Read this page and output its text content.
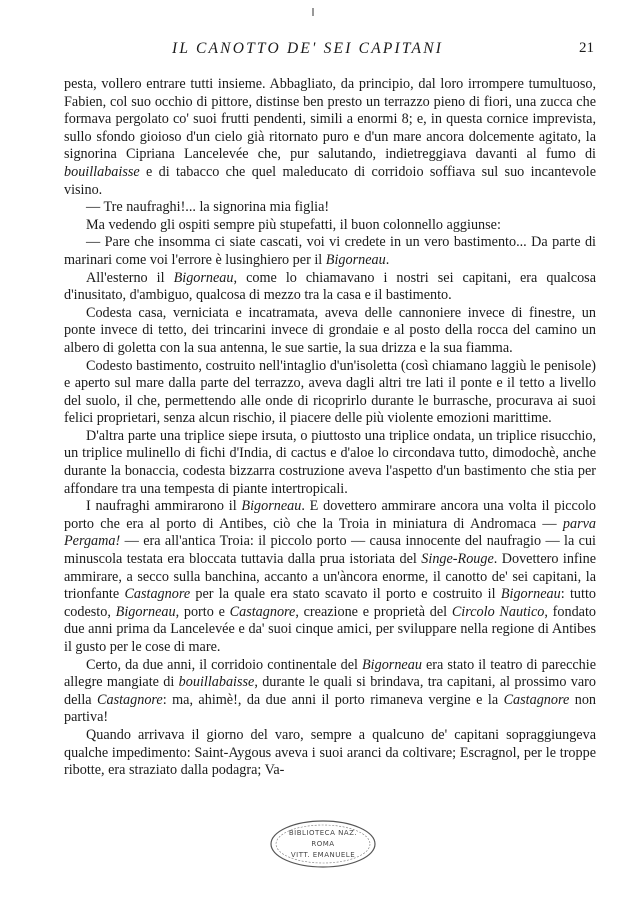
IL CANOTTO DE' SEI CAPITANI	21

pesta, vollero entrare tutti insieme. Abbagliato, da principio, dal loro irrompere tumultuoso, Fabien, col suo occhio di pittore, distinse ben presto un terrazzo pieno di fiori, una zucca che formava pergolato co' suoi frutti pendenti, simili a enormi 8; e, in questa cornice imprevista, sullo sfondo gioioso d'un cielo già ritornato puro e d'un mare ancora dolcemente agitato, la signorina Cipriana Lancelevée che, pur salutando, indietreggiava davanti al fumo di bouillabaisse e di tabacco che quel maleducato di corridoio soffiava sul suo incantevole visino.

— Tre naufraghi!... la signorina mia figlia!

Ma vedendo gli ospiti sempre più stupefatti, il buon colonnello aggiunse:

— Pare che insomma ci siate cascati, voi vi credete in un vero bastimento... Da parte di marinari come voi l'errore è lusinghiero per il Bigorneau.

All'esterno il Bigorneau, come lo chiamavano i nostri sei capitani, era qualcosa d'inusitato, d'ambiguo, qualcosa di mezzo tra la casa e il bastimento.

Codesta casa, verniciata e incatramata, aveva delle cannoniere invece di finestre, un ponte invece di tetto, dei trincarini invece di grondaie e al posto della rocca del camino un albero di goletta con la sua antenna, le sue sartie, la sua drizza e la sua fiamma.

Codesto bastimento, costruito nell'intaglio d'un'isoletta (così chiamano laggiù le penisole) e aperto sul mare dalla parte del terrazzo, aveva dagli altri tre lati il ponte e il tetto a livello del suolo, il che, permettendo alle onde di ricoprirlo durante le burrasche, procurava ai suoi felici proprietari, senza alcun rischio, il piacere delle più violente emozioni marittime.

D'altra parte una triplice siepe irsuta, o piuttosto una triplice ondata, un triplice risucchio, un triplice mulinello di fichi d'India, di cactus e d'aloe lo circondava tutto, dimodochè, anche durante la bonaccia, codesta bizzarra costruzione aveva l'aspetto d'un bastimento che stia per affondare tra una tempesta di piante intertropicali.

I naufraghi ammirarono il Bigorneau. E dovettero ammirare ancora una volta il piccolo porto che era al porto di Antibes, ciò che la Troia in miniatura di Andromaca — parva Pergama! — era all'antica Troia: il piccolo porto — causa innocente del naufragio — la cui minuscola testata era bloccata tuttavia dalla prua istoriata del Singe-Rouge. Dovettero infine ammirare, a secco sulla banchina, accanto a un'àncora enorme, il canotto de' sei capitani, la trionfante Castagnore per la quale era stato scavato il porto e costruito il Bigorneau: tutto codesto, Bigorneau, porto e Castagnore, creazione e proprietà del Circolo Nautico, fondato due anni prima da Lancelevée e da' suoi cinque amici, per sviluppare nella regione di Antibes il gusto per le cose di mare.

Certo, da due anni, il corridoio continentale del Bigorneau era stato il teatro di parecchie allegre mangiate di bouillabaisse, durante le quali si brindava, tra capitani, al prossimo varo della Castagnore: ma, ahimè!, da due anni il porto rimaneva vergine e la Castagnore non partiva!

Quando arrivava il giorno del varo, sempre a qualcuno de' capitani sopraggiungeva qualche impedimento: Saint-Aygous aveva i suoi aranci da coltivare; Escragnol, per le troppe ribotte, era straziato dalla podagra; Va-

BIBLIOTECA NAZ.
ROMA
VITT. EMANUELE
